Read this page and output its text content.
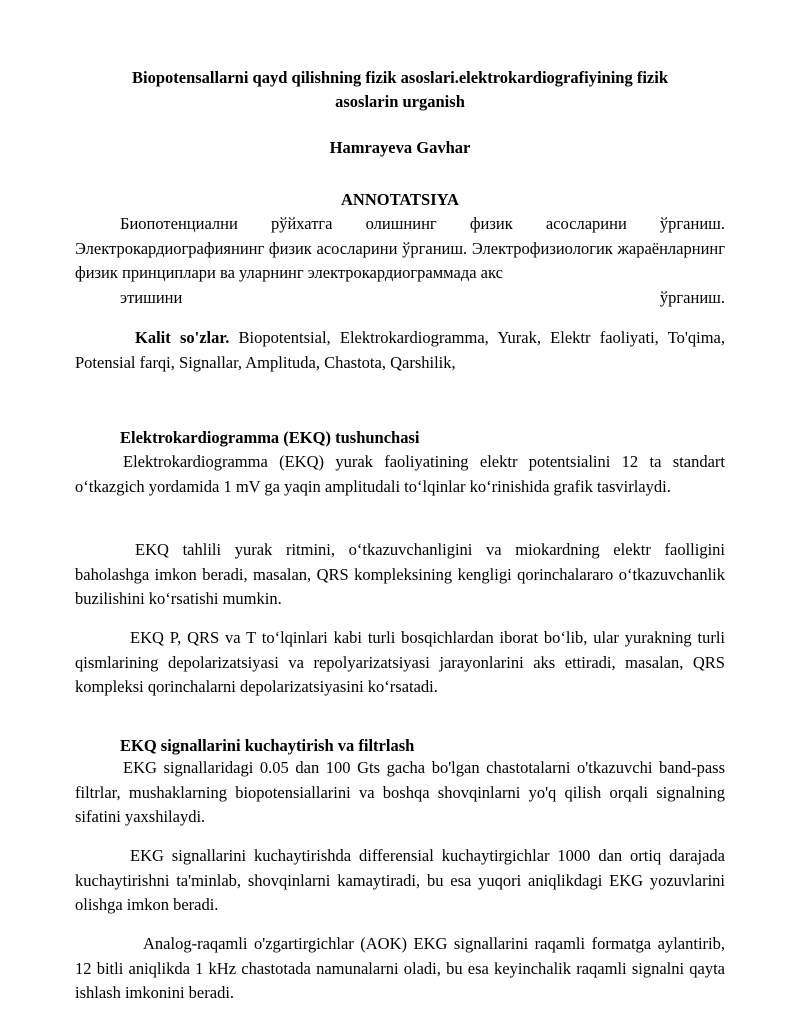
Biopotensallarni qayd qilishning fizik asoslari.elektrokardiografiyining fizik
asoslarin urganish
Hamrayeva Gavhar
ANNOTATSIYA
Биопотенциални рўйхатга олишнинг физик асосларини ўрганиш. Электрокардиографиянинг физик асосларини ўрганиш. Электрофизиологик жараёнларнинг физик принциплари ва уларнинг электрокардиограммада акс
этишини	ўрганиш.

Kalit so'zlar. Biopotentsial, Elektrokardiogramma, Yurak, Elektr faoliyati, To'qima, Potensial farqi, Signallar, Amplituda, Chastota, Qarshilik,

Elektrokardiogramma (EKQ) tushunchasi

Elektrokardiogramma (EKQ) yurak faoliyatining elektr potentsialini 12 ta standart oʻtkazgich yordamida 1 mV ga yaqin amplitudali toʻlqinlar koʻrinishida grafik tasvirlaydi.

EKQ tahlili yurak ritmini, oʻtkazuvchanligini va miokardning elektr faolligini baholashga imkon beradi, masalan, QRS kompleksining kengligi qorinchalararo oʻtkazuvchanlik buzilishini koʻrsatishi mumkin.

EKQ P, QRS va T toʻlqinlari kabi turli bosqichlardan iborat boʻlib, ular yurakning turli qismlarining depolarizatsiyasi va repolyarizatsiyasi jarayonlarini aks ettiradi, masalan, QRS kompleksi qorinchalarni depolarizatsiyasini koʻrsatadi.

EKQ signallarini kuchaytirish va filtrlash

EKG signallaridagi 0.05 dan 100 Gts gacha bo'lgan chastotalarni o'tkazuvchi band-pass filtrlar, mushaklarning biopotensiallarini va boshqa shovqinlarni yo'q qilish orqali signalning sifatini yaxshilaydi.

EKG signallarini kuchaytirishda differensial kuchaytirgichlar 1000 dan ortiq darajada kuchaytirishni ta'minlab, shovqinlarni kamaytiradi, bu esa yuqori aniqlikdagi EKG yozuvlarini olishga imkon beradi.

Analog-raqamli o'zgartirgichlar (AOK) EKG signallarini raqamli formatga aylantirib, 12 bitli aniqlikda 1 kHz chastotada namunalarni oladi, bu esa keyinchalik raqamli signalni qayta ishlash imkonini beradi.
